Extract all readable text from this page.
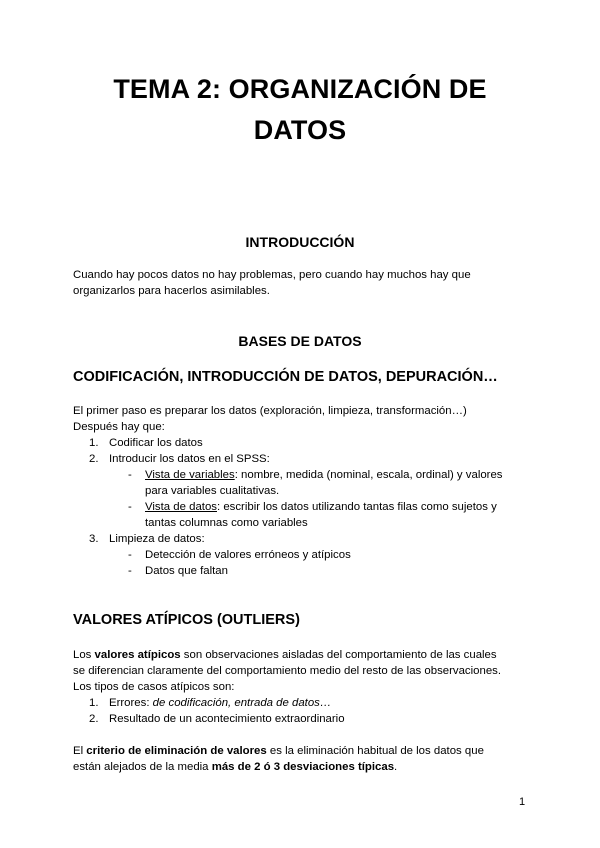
TEMA 2: ORGANIZACIÓN DE
DATOS
INTRODUCCIÓN
Cuando hay pocos datos no hay problemas, pero cuando hay muchos hay que
organizarlos para hacerlos asimilables.
BASES DE DATOS
CODIFICACIÓN, INTRODUCCIÓN DE DATOS, DEPURACIÓN…
El primer paso es preparar los datos (exploración, limpieza, transformación…)
Después hay que:
1. Codificar los datos
2. Introducir los datos en el SPSS:
- Vista de variables: nombre, medida (nominal, escala, ordinal) y valores
para variables cualitativas.
- Vista de datos: escribir los datos utilizando tantas filas como sujetos y
tantas columnas como variables
3. Limpieza de datos:
- Detección de valores erróneos y atípicos
- Datos que faltan
VALORES ATÍPICOS (OUTLIERS)
Los valores atípicos son observaciones aisladas del comportamiento de las cuales
se diferencian claramente del comportamiento medio del resto de las observaciones.
Los tipos de casos atípicos son:
1. Errores: de codificación, entrada de datos…
2. Resultado de un acontecimiento extraordinario
El criterio de eliminación de valores es la eliminación habitual de los datos que
están alejados de la media más de 2 ó 3 desviaciones típicas.
1
